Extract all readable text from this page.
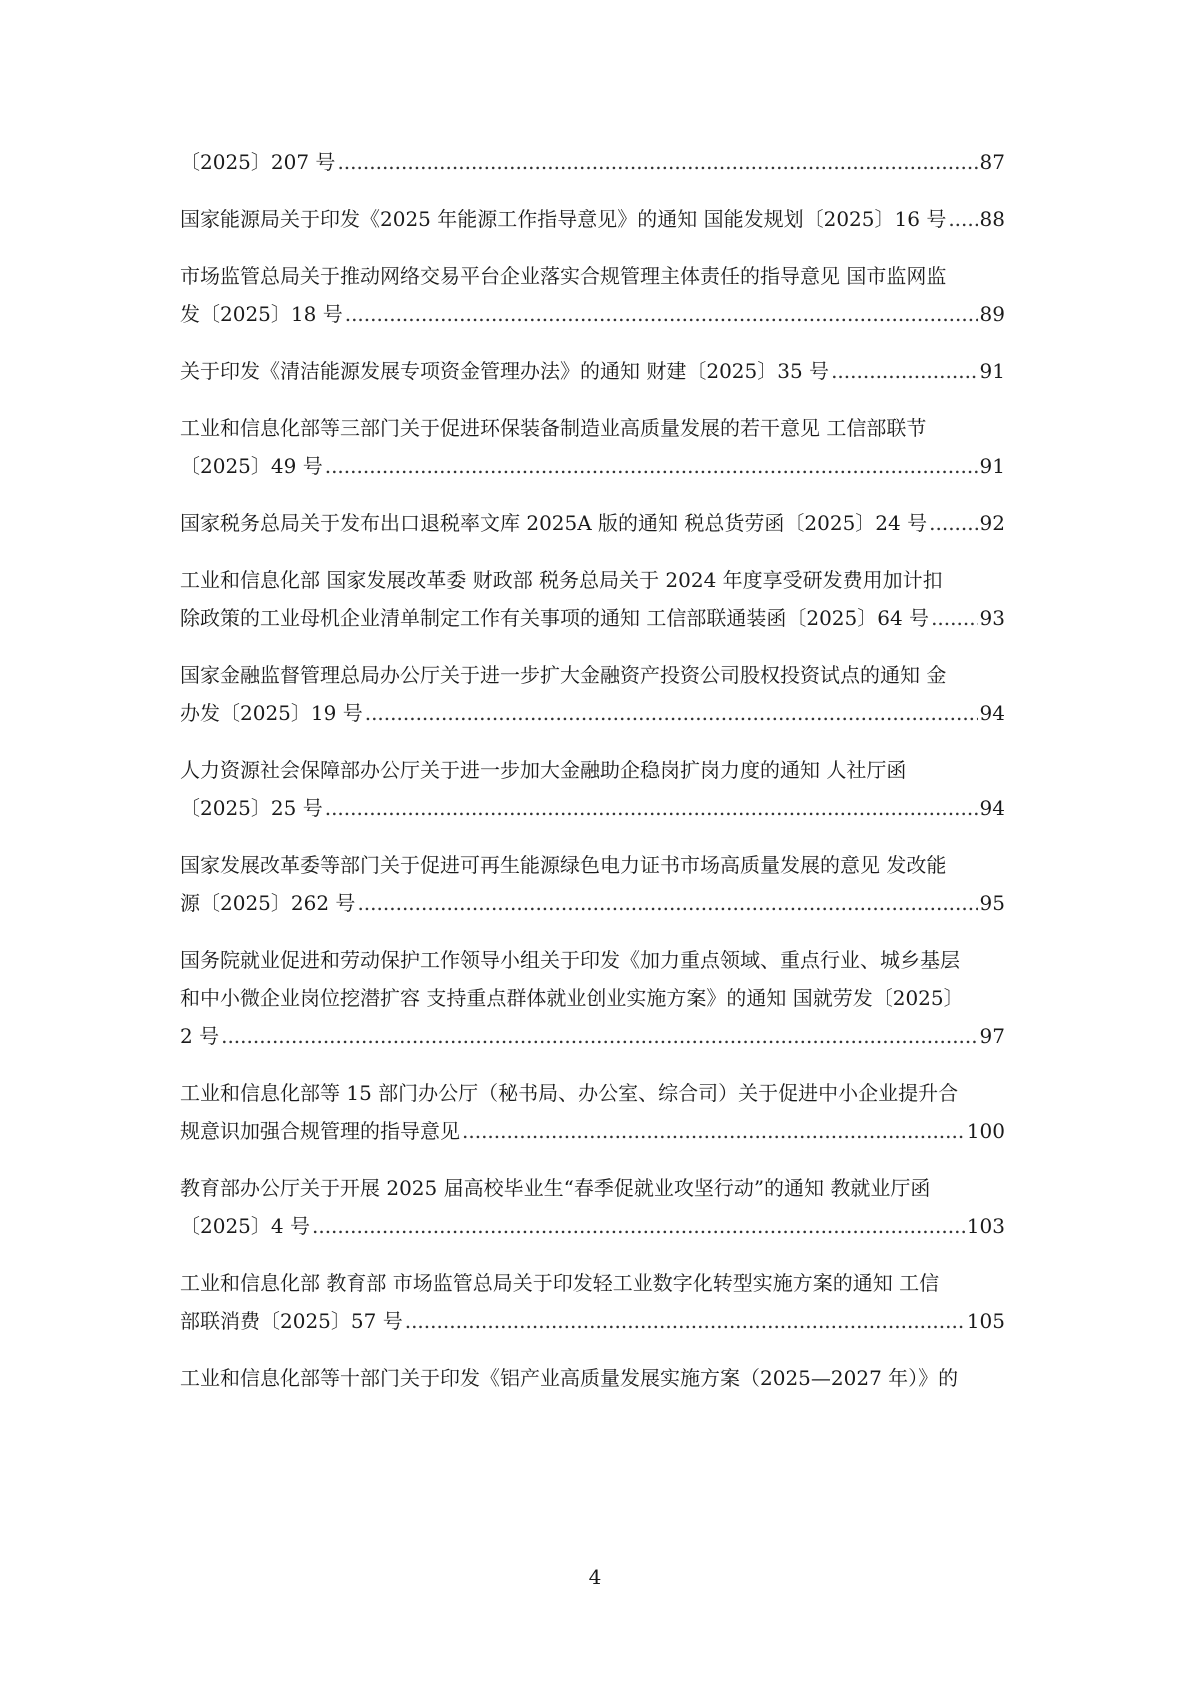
〔2025〕207 号 .....	87
国家能源局关于印发《2025 年能源工作指导意见》的通知 国能发规划〔2025〕16 号 ..... 88
市场监管总局关于推动网络交易平台企业落实合规管理主体责任的指导意见 国市监网监
发〔2025〕18 号 .....	89
关于印发《清洁能源发展专项资金管理办法》的通知 财建〔2025〕35 号 .....	91
工业和信息化部等三部门关于促进环保装备制造业高质量发展的若干意见 工信部联节
〔2025〕49 号 .....	91
国家税务总局关于发布出口退税率文库 2025A 版的通知 税总货劳函〔2025〕24 号 .....	92
工业和信息化部 国家发展改革委 财政部 税务总局关于 2024 年度享受研发费用加计扣
除政策的工业母机企业清单制定工作有关事项的通知 工信部联通装函〔2025〕64 号 .....	93
国家金融监督管理总局办公厅关于进一步扩大金融资产投资公司股权投资试点的通知 金
办发〔2025〕19 号 .....	94
人力资源社会保障部办公厅关于进一步加大金融助企稳岗扩岗力度的通知 人社厅函
〔2025〕25 号 .....	94
国家发展改革委等部门关于促进可再生能源绿色电力证书市场高质量发展的意见 发改能
源〔2025〕262 号 .....	95
国务院就业促进和劳动保护工作领导小组关于印发《加力重点领域、重点行业、城乡基层
和中小微企业岗位挖潜扩容 支持重点群体就业创业实施方案》的通知 国就劳发〔2025〕
2 号 .....	97
工业和信息化部等 15 部门办公厅（秘书局、办公室、综合司）关于促进中小企业提升合
规意识加强合规管理的指导意见 .....	100
教育部办公厅关于开展 2025 届高校毕业生“春季促就业攻坚行动”的通知 教就业厅函
〔2025〕4 号 .....	103
工业和信息化部 教育部 市场监管总局关于印发轻工业数字化转型实施方案的通知 工信
部联消费〔2025〕57 号 .....	105
工业和信息化部等十部门关于印发《铝产业高质量发展实施方案（2025—2027 年）》的
4
